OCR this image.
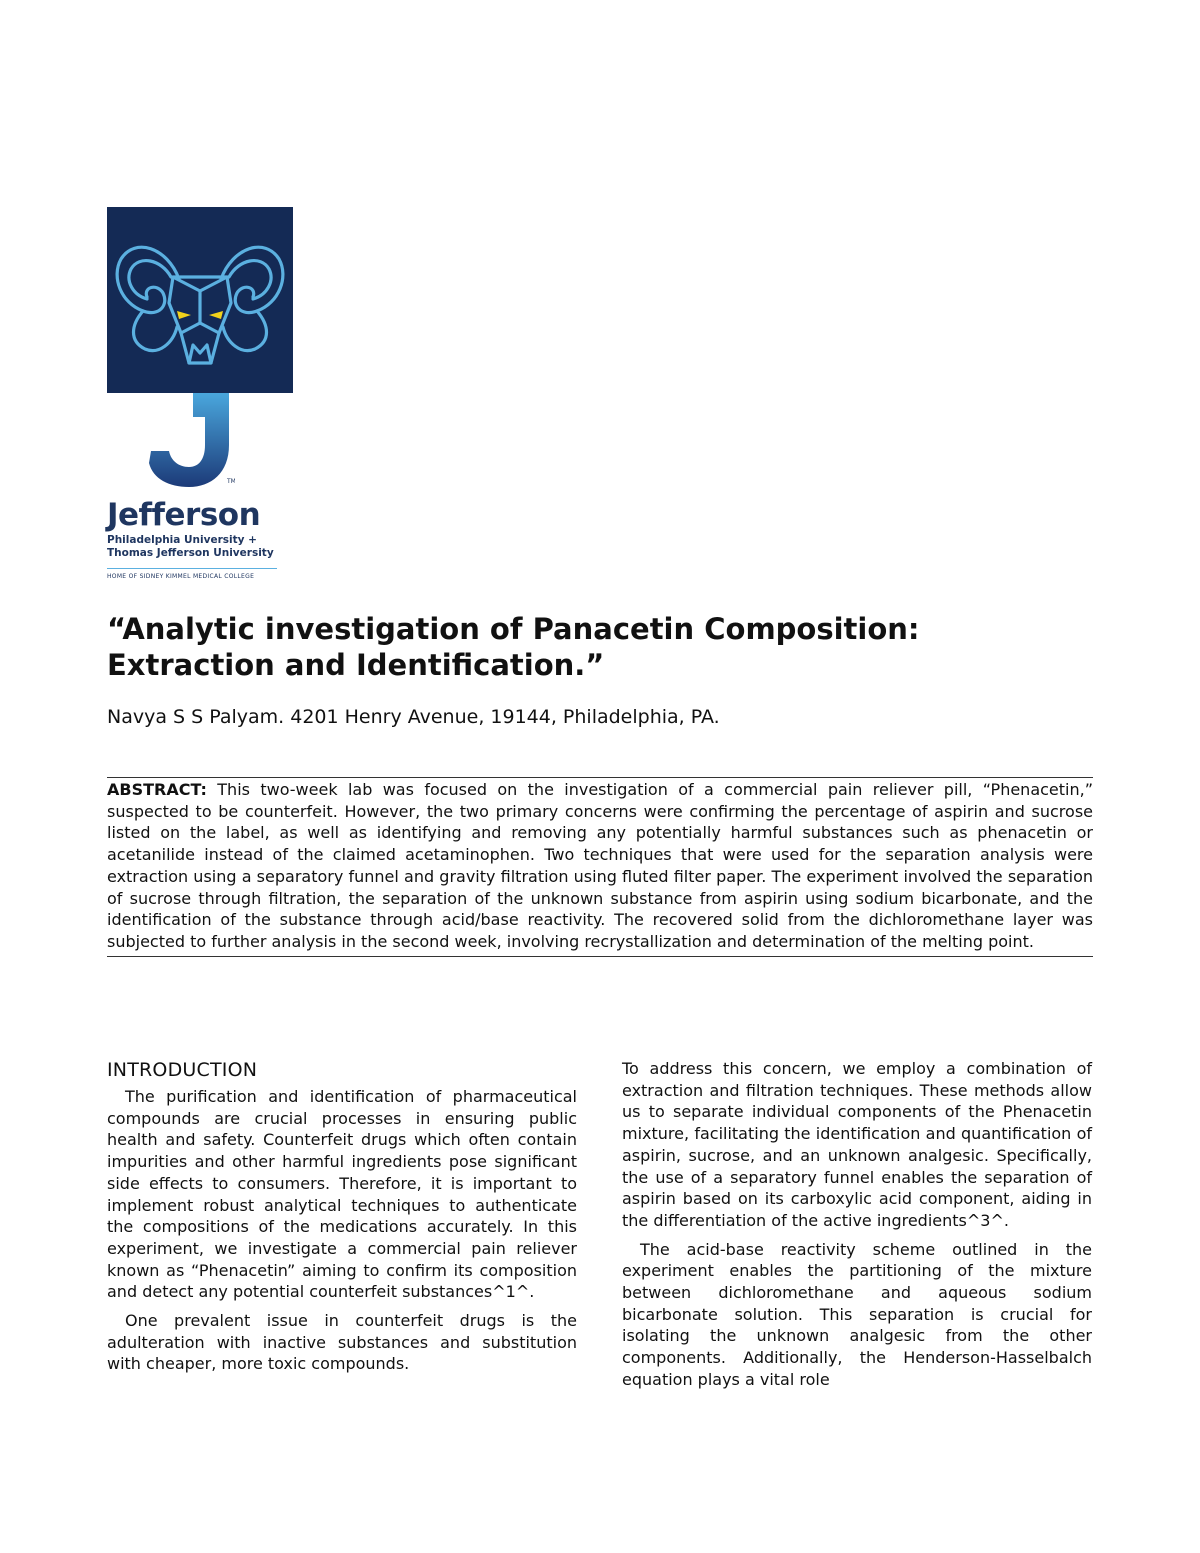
TM
Jefferson
Philadelphia University +
Thomas Jefferson University
HOME OF SIDNEY KIMMEL MEDICAL COLLEGE
“Analytic investigation of Panacetin Composition: Extraction and Identification.”

Navya S S Palyam. 4201 Henry Avenue, 19144, Philadelphia, PA.

ABSTRACT: This two-week lab was focused on the investigation of a commercial pain reliever pill, “Phenacetin,” suspected to be counterfeit. However, the two primary concerns were confirming the percentage of aspirin and sucrose listed on the label, as well as identifying and removing any potentially harmful substances such as phenacetin or acetanilide instead of the claimed acetaminophen. Two techniques that were used for the separation analysis were extraction using a separatory funnel and gravity filtration using fluted filter paper. The experiment involved the separation of sucrose through filtration, the separation of the unknown substance from aspirin using sodium bicarbonate, and the identification of the substance through acid/base reactivity. The recovered solid from the dichloromethane layer was subjected to further analysis in the second week, involving recrystallization and determination of the melting point.
INTRODUCTION

The purification and identification of pharmaceutical compounds are crucial processes in ensuring public health and safety. Counterfeit drugs which often contain impurities and other harmful ingredients pose significant side effects to consumers. Therefore, it is important to implement robust analytical techniques to authenticate the compositions of the medications accurately. In this experiment, we investigate a commercial pain reliever known as “Phenacetin” aiming to confirm its composition and detect any potential counterfeit substances^1^.

One prevalent issue in counterfeit drugs is the adulteration with inactive substances and substitution with cheaper, more toxic compounds.

To address this concern, we employ a combination of extraction and filtration techniques. These methods allow us to separate individual components of the Phenacetin mixture, facilitating the identification and quantification of aspirin, sucrose, and an unknown analgesic. Specifically, the use of a separatory funnel enables the separation of aspirin based on its carboxylic acid component, aiding in the differentiation of the active ingredients^3^.

The acid-base reactivity scheme outlined in the experiment enables the partitioning of the mixture between dichloromethane and aqueous sodium bicarbonate solution. This separation is crucial for isolating the unknown analgesic from the other components. Additionally, the Henderson-Hasselbalch equation plays a vital role
